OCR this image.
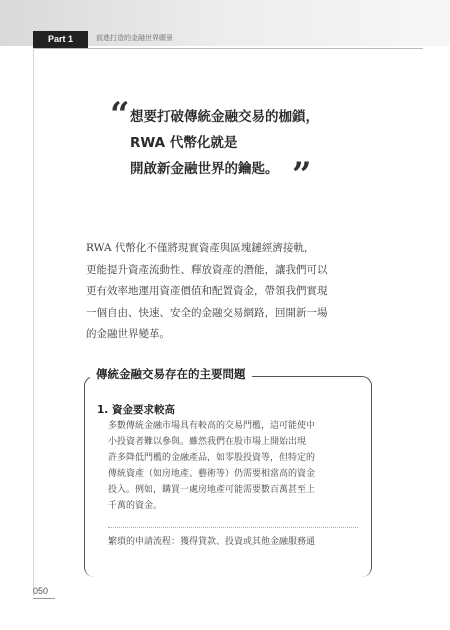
Part 1	前進打造的金融世界願景
“ 想要打破傳統金融交易的枷鎖，
RWA 代幣化就是
開啟新金融世界的鑰匙。 ”
RWA 代幣化不僅將現實資產與區塊鏈經濟接軌，
更能提升資產流動性、釋放資產的潛能，讓我們可以
更有效率地運用資產價值和配置資金，帶領我們實現
一個自由、快速、安全的金融交易網路，回開新一場
的金融世界變革。
傳統金融交易存在的主要問題
1. 資金要求較高
多數傳統金融市場具有較高的交易門檻，這可能使中
小投資者難以參與。雖然我們在股市場上開始出現
許多降低門檻的金融產品，如零股投資等，但特定的
傳統資產（如房地產、藝術等）仍需要相當高的資金
投入。例如，購買一處房地產可能需要數百萬甚至上
千萬的資金。
繁瑣的申請流程：獲得貸款、投資或其他金融服務通
050
